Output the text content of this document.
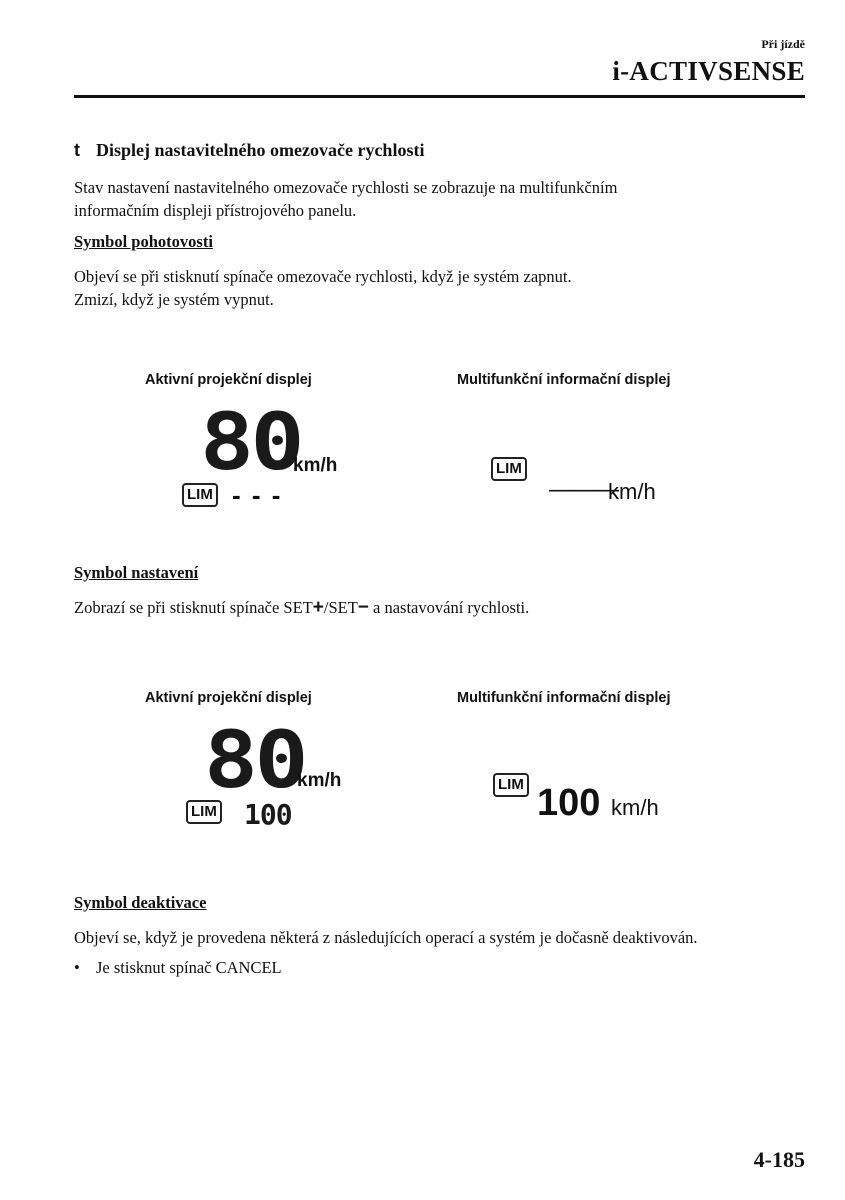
Při jízdě
i-ACTIVSENSE
t Displej nastavitelného omezovače rychlosti
Stav nastavení nastavitelného omezovače rychlosti se zobrazuje na multifunkčním
informačním displeji přístrojového panelu.
Symbol pohotovosti
Objeví se při stisknutí spínače omezovače rychlosti, když je systém zapnut.
Zmizí, když je systém vypnut.
Aktivní projekční displej	Multifunkční informační displej
80
km/h
LIM - - -
LIM
———
km/h
Symbol nastavení
Zobrazí se při stisknutí spínače SET+/SET− a nastavování rychlosti.
Aktivní projekční displej	Multifunkční informační displej
80
km/h
LIM 100
LIM 100 km/h
Symbol deaktivace
Objeví se, když je provedena některá z následujících operací a systém je dočasně deaktivován.
• Je stisknut spínač CANCEL
4-185
